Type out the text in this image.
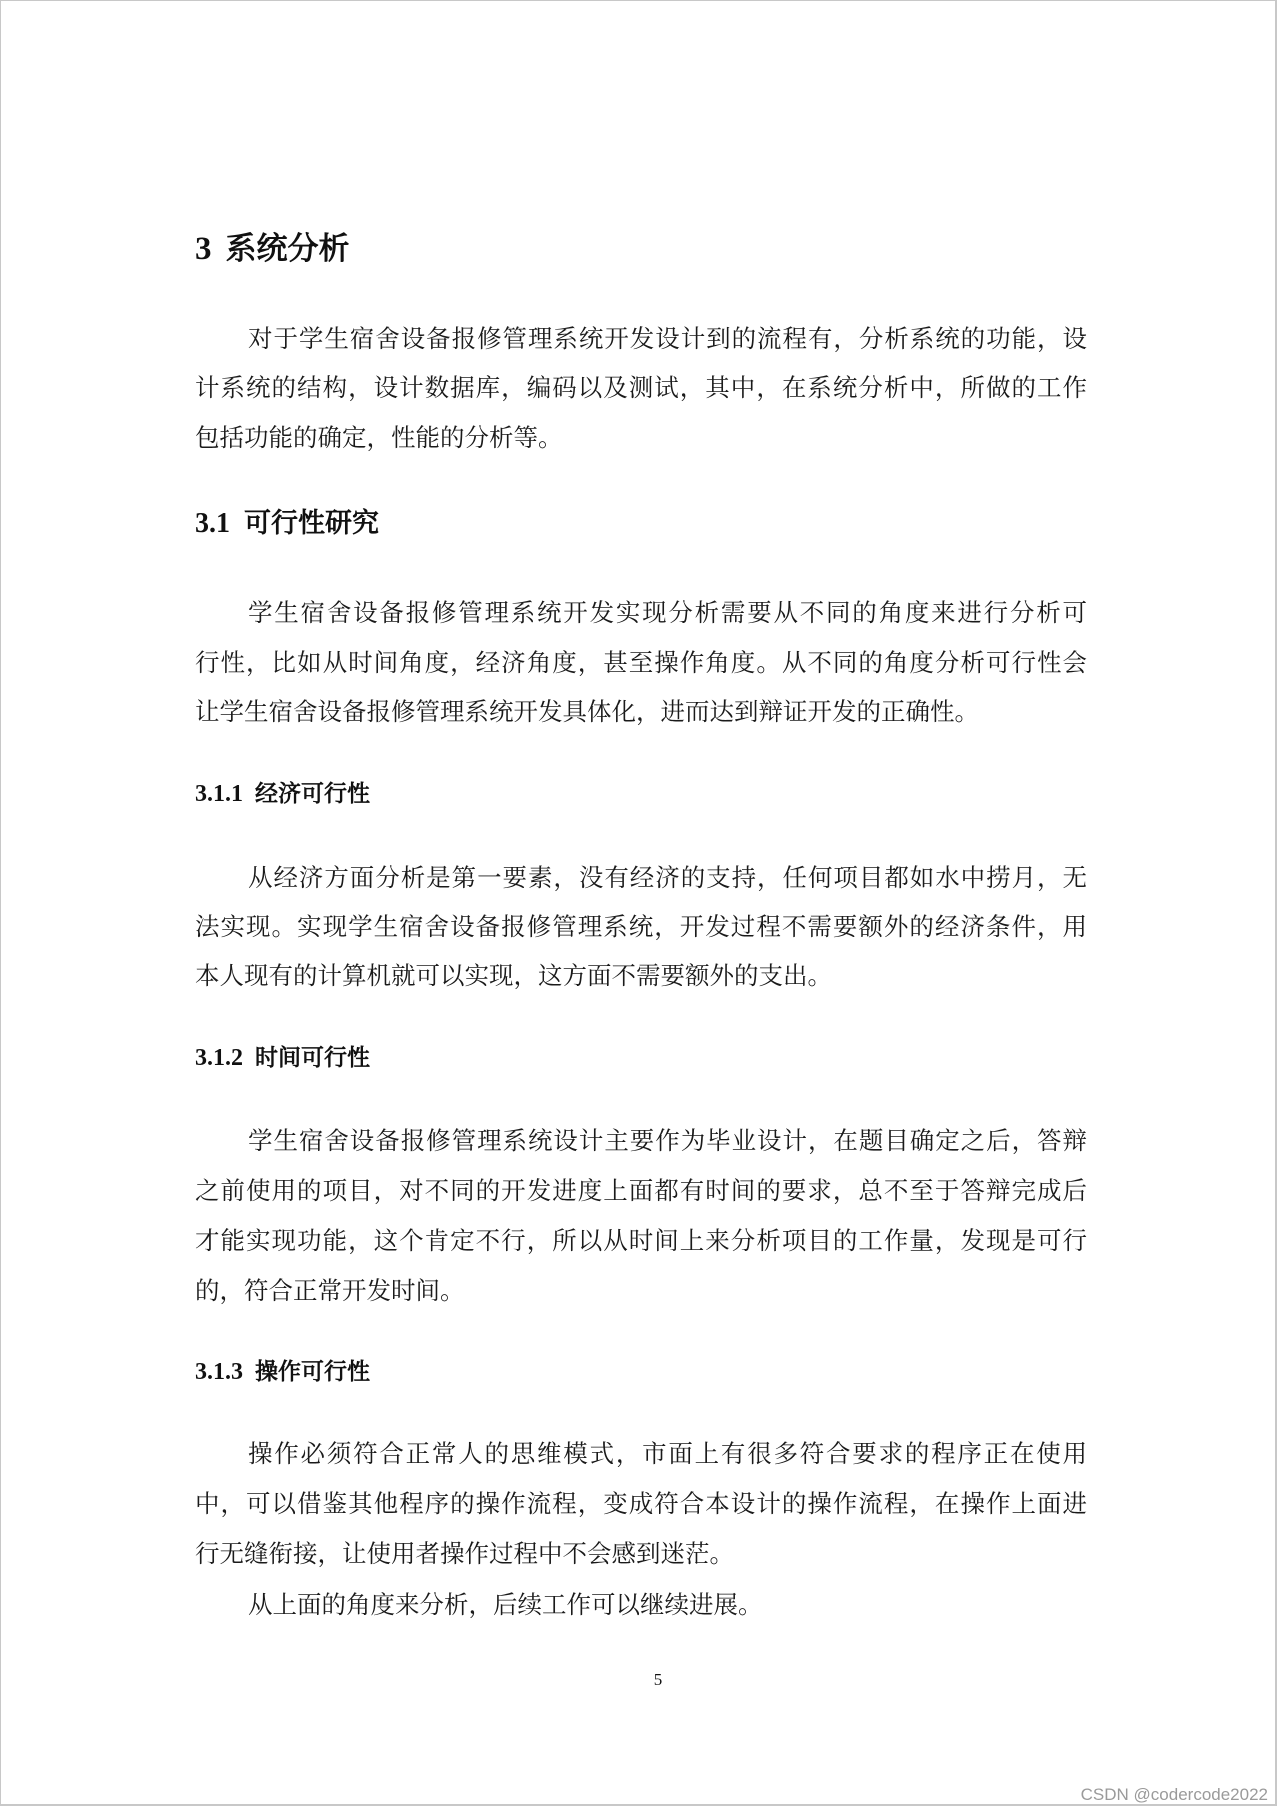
3 系统分析
对于学生宿舍设备报修管理系统开发设计到的流程有，分析系统的功能，设
计系统的结构，设计数据库，编码以及测试，其中，在系统分析中，所做的工作
包括功能的确定，性能的分析等。
3.1 可行性研究
学生宿舍设备报修管理系统开发实现分析需要从不同的角度来进行分析可
行性，比如从时间角度，经济角度，甚至操作角度。从不同的角度分析可行性会
让学生宿舍设备报修管理系统开发具体化，进而达到辩证开发的正确性。
3.1.1 经济可行性
从经济方面分析是第一要素，没有经济的支持，任何项目都如水中捞月，无
法实现。实现学生宿舍设备报修管理系统，开发过程不需要额外的经济条件，用
本人现有的计算机就可以实现，这方面不需要额外的支出。
3.1.2 时间可行性
学生宿舍设备报修管理系统设计主要作为毕业设计，在题目确定之后，答辩
之前使用的项目，对不同的开发进度上面都有时间的要求，总不至于答辩完成后
才能实现功能，这个肯定不行，所以从时间上来分析项目的工作量，发现是可行
的，符合正常开发时间。
3.1.3 操作可行性
操作必须符合正常人的思维模式，市面上有很多符合要求的程序正在使用
中，可以借鉴其他程序的操作流程，变成符合本设计的操作流程，在操作上面进
行无缝衔接，让使用者操作过程中不会感到迷茫。
从上面的角度来分析，后续工作可以继续进展。
5
CSDN @codercode2022
